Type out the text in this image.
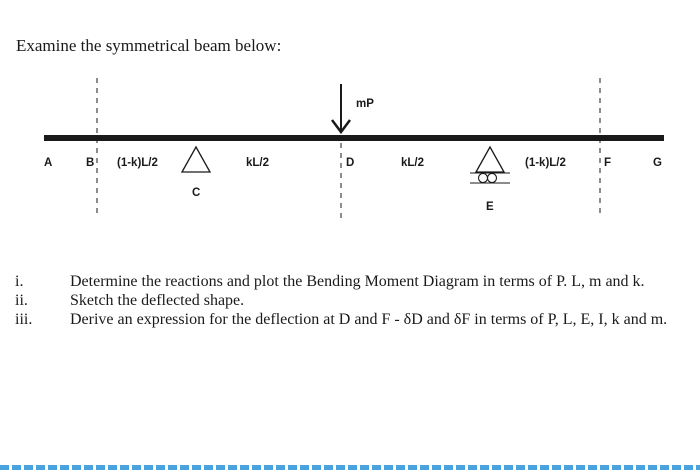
Examine the symmetrical beam below:

mP
A	B
C
D
E
F	G
(1-k)L/2	kL/2	kL/2	(1-k)L/2
i.	Determine the reactions and plot the Bending Moment Diagram in terms of P. L, m and k.
ii.	Sketch the deflected shape.
iii. Derive an expression for the deflection at D and F - δD and δF in terms of P, L, E, I, k and m.
